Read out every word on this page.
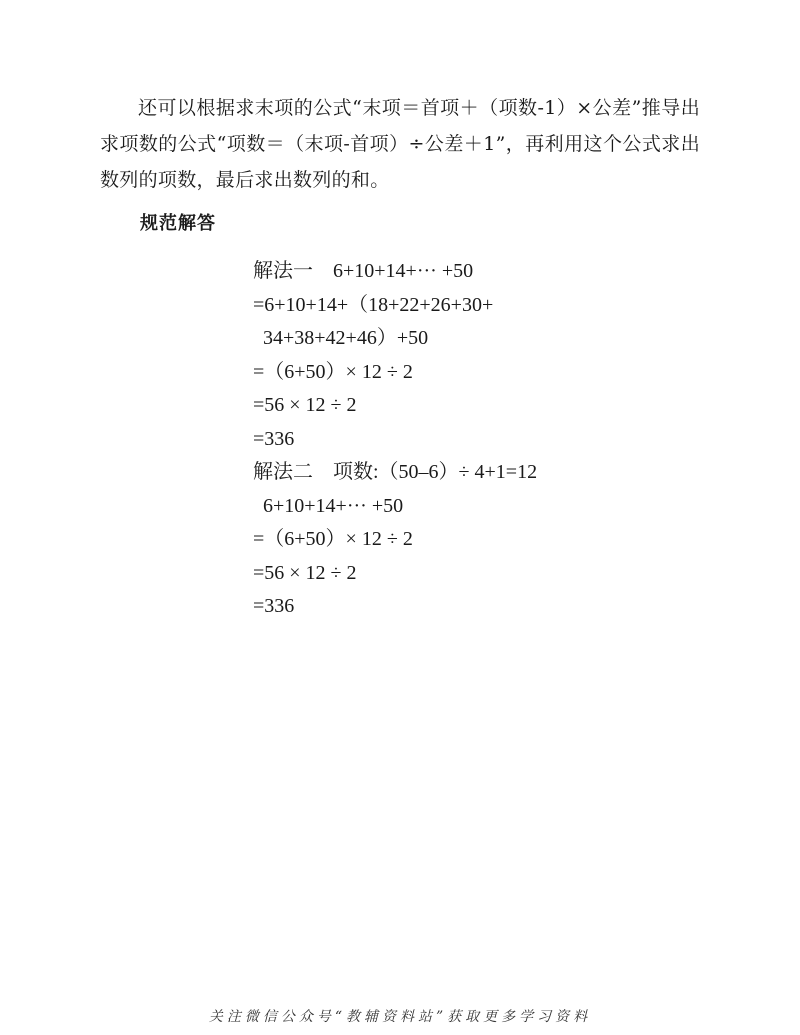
还可以根据求末项的公式“末项＝首项＋（项数-1）×公差”推导出求项数的公式“项数＝（末项-首项）÷公差＋1”，再利用这个公式求出数列的项数，最后求出数列的和。

规范解答
解法一    6+10+14+··· +50
=6+10+14+（18+22+26+30+
34+38+42+46）+50
=（6+50）× 12 ÷ 2
=56 × 12 ÷ 2
=336
解法二    项数:（50–6）÷ 4+1=12
6+10+14+··· +50
=（6+50）× 12 ÷ 2
=56 × 12 ÷ 2
=336
关注微信公众号“教辅资料站”获取更多学习资料
